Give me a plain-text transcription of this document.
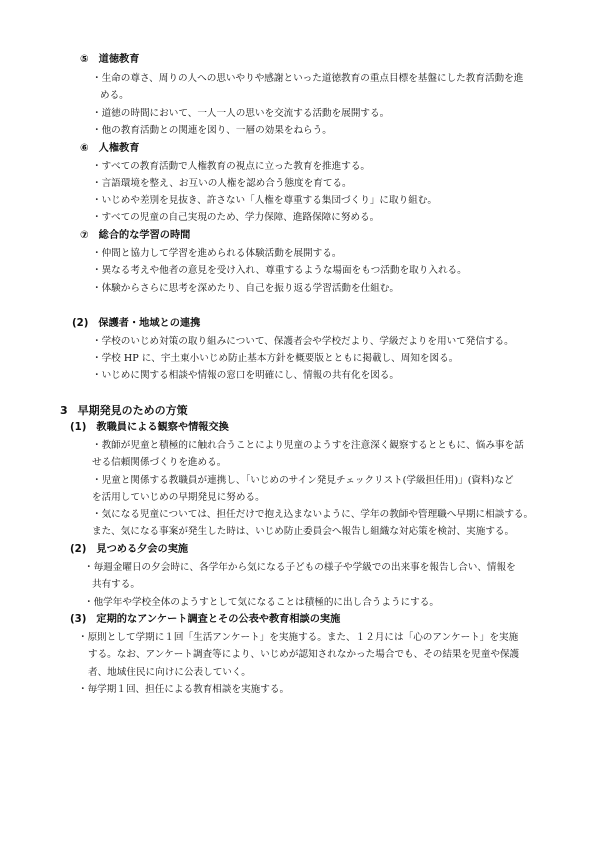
⑤ 道徳教育
・生命の尊さ、周りの人への思いやりや感謝といった道徳教育の重点目標を基盤にした教育活動を進
める。
・道徳の時間において、一人一人の思いを交流する活動を展開する。
・他の教育活動との関連を図り、一層の効果をねらう。
⑥ 人権教育
・すべての教育活動で人権教育の視点に立った教育を推進する。
・言語環境を整え、お互いの人権を認め合う態度を育てる。
・いじめや差別を見抜き、許さない「人権を尊重する集団づくり」に取り組む。
・すべての児童の自己実現のため、学力保障、進路保障に努める。
⑦ 総合的な学習の時間
・仲間と協力して学習を進められる体験活動を展開する。
・異なる考えや他者の意見を受け入れ、尊重するような場面をもつ活動を取り入れる。
・体験からさらに思考を深めたり、自己を振り返る学習活動を仕組む。
(2) 保護者・地域との連携
・学校のいじめ対策の取り組みについて、保護者会や学校だより、学級だよりを用いて発信する。
・学校 HP に、宇土東小いじめ防止基本方針を概要版とともに掲載し、周知を図る。
・いじめに関する相談や情報の窓口を明確にし、情報の共有化を図る。
3 早期発見のための方策
(1) 教職員による観察や情報交換
・教師が児童と積極的に触れ合うことにより児童のようすを注意深く観察するとともに、悩み事を話
せる信頼関係づくりを進める。
・児童と関係する教職員が連携し、「いじめのサイン発見チェックリスト(学級担任用)」(資料)など
を活用していじめの早期発見に努める。
・気になる児童については、担任だけで抱え込まないように、学年の教師や管理職へ早期に相談する。
また、気になる事案が発生した時は、いじめ防止委員会へ報告し組織な対応策を検討、実施する。
(2) 見つめる夕会の実施
・毎週金曜日の夕会時に、各学年から気になる子どもの様子や学級での出来事を報告し合い、情報を
共有する。
・他学年や学校全体のようすとして気になることは積極的に出し合うようにする。
(3) 定期的なアンケート調査とその公表や教育相談の実施
・原則として学期に１回「生活アンケート」を実施する。また、１２月には「心のアンケート」を実施
する。なお、アンケート調査等により、いじめが認知されなかった場合でも、その結果を児童や保護
者、地域住民に向けに公表していく。
・毎学期１回、担任による教育相談を実施する。
